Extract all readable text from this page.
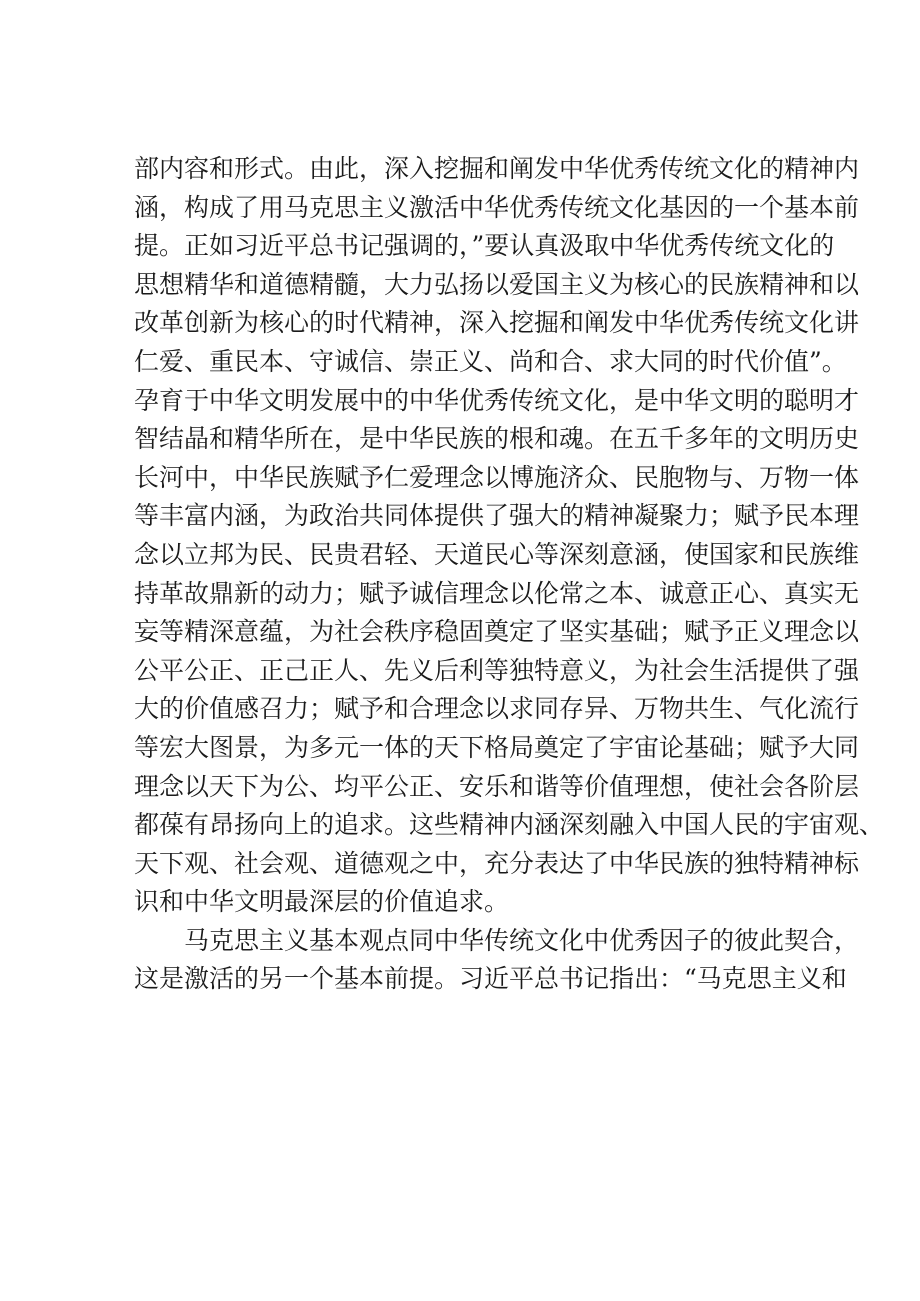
部内容和形式。由此，深入挖掘和阐发中华优秀传统文化的精神内
涵，构成了用马克思主义激活中华优秀传统文化基因的一个基本前
提。正如习近平总书记强调的，”要认真汲取中华优秀传统文化的
思想精华和道德精髓，大力弘扬以爱国主义为核心的民族精神和以
改革创新为核心的时代精神，深入挖掘和阐发中华优秀传统文化讲
仁爱、重民本、守诚信、崇正义、尚和合、求大同的时代价值”。
孕育于中华文明发展中的中华优秀传统文化，是中华文明的聪明才
智结晶和精华所在，是中华民族的根和魂。在五千多年的文明历史
长河中，中华民族赋予仁爱理念以博施济众、民胞物与、万物一体
等丰富内涵，为政治共同体提供了强大的精神凝聚力；赋予民本理
念以立邦为民、民贵君轻、天道民心等深刻意涵，使国家和民族维
持革故鼎新的动力；赋予诚信理念以伦常之本、诚意正心、真实无
妄等精深意蕴，为社会秩序稳固奠定了坚实基础；赋予正义理念以
公平公正、正己正人、先义后利等独特意义，为社会生活提供了强
大的价值感召力；赋予和合理念以求同存异、万物共生、气化流行
等宏大图景，为多元一体的天下格局奠定了宇宙论基础；赋予大同
理念以天下为公、均平公正、安乐和谐等价值理想，使社会各阶层
都葆有昂扬向上的追求。这些精神内涵深刻融入中国人民的宇宙观、
天下观、社会观、道德观之中，充分表达了中华民族的独特精神标
识和中华文明最深层的价值追求。
马克思主义基本观点同中华传统文化中优秀因子的彼此契合，
这是激活的另一个基本前提。习近平总书记指出：“马克思主义和
